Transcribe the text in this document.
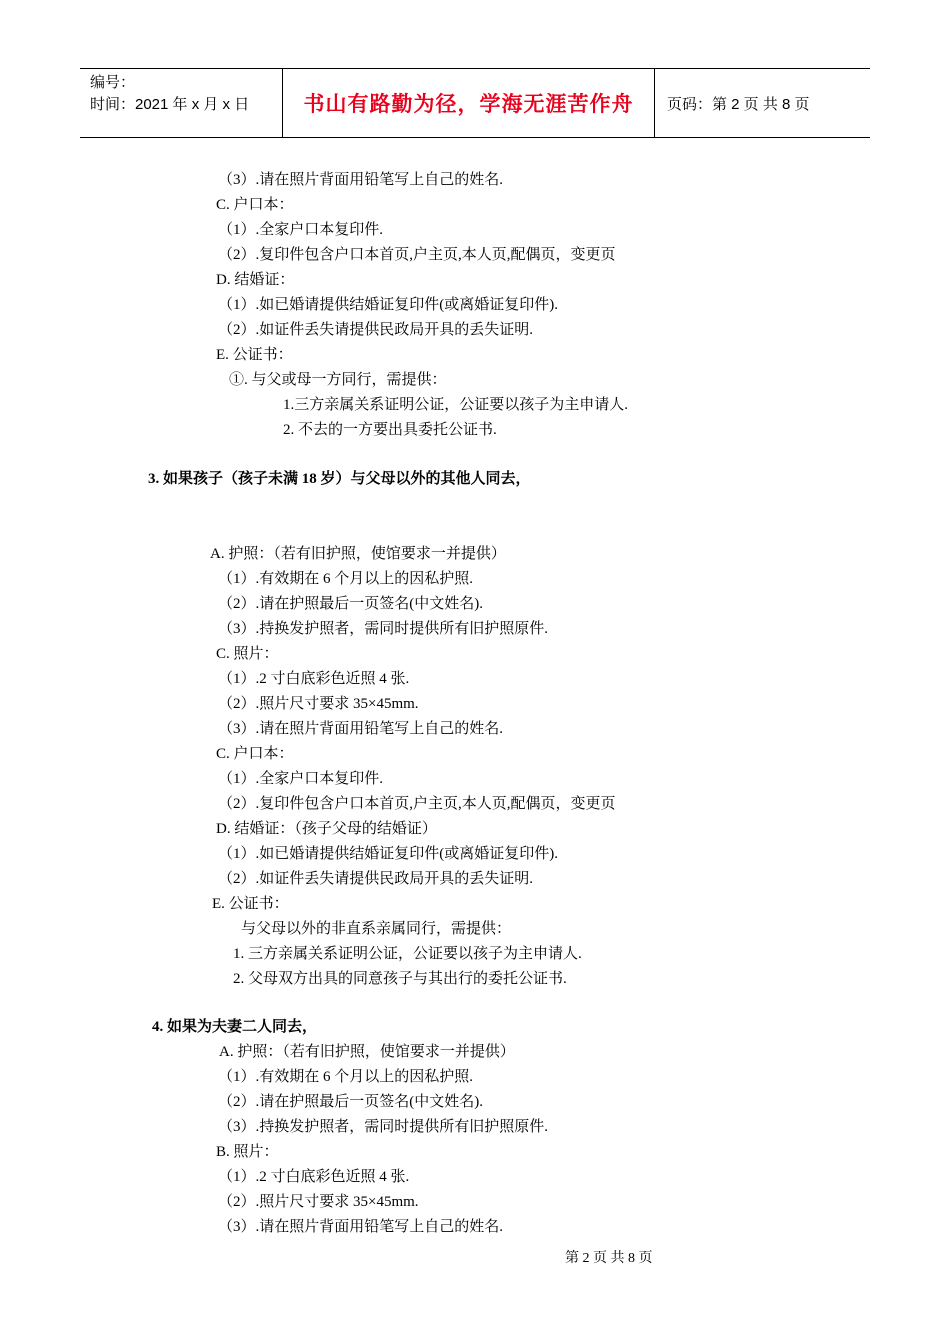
编号：
时间：2021 年 x 月 x 日	书山有路勤为径，学海无涯苦作舟	页码：第 2 页 共 8 页
（3）.请在照片背面用铅笔写上自己的姓名.
C. 户口本：
（1）.全家户口本复印件.
（2）.复印件包含户口本首页,户主页,本人页,配偶页，变更页
D. 结婚证：
（1）.如已婚请提供结婚证复印件(或离婚证复印件).
（2）.如证件丢失请提供民政局开具的丢失证明.
E. 公证书：
①. 与父或母一方同行，需提供：
1.三方亲属关系证明公证，公证要以孩子为主申请人.
2. 不去的一方要出具委托公证书.
3. 如果孩子（孩子未满 18 岁）与父母以外的其他人同去，
A. 护照：（若有旧护照，使馆要求一并提供）
（1）.有效期在 6 个月以上的因私护照.
（2）.请在护照最后一页签名(中文姓名).
（3）.持换发护照者，需同时提供所有旧护照原件.
C. 照片：
（1）.2 寸白底彩色近照 4 张.
（2）.照片尺寸要求 35×45mm.
（3）.请在照片背面用铅笔写上自己的姓名.
C. 户口本：
（1）.全家户口本复印件.
（2）.复印件包含户口本首页,户主页,本人页,配偶页，变更页
D. 结婚证：（孩子父母的结婚证）
（1）.如已婚请提供结婚证复印件(或离婚证复印件).
（2）.如证件丢失请提供民政局开具的丢失证明.
E. 公证书：
与父母以外的非直系亲属同行，需提供：
1. 三方亲属关系证明公证，公证要以孩子为主申请人.
2. 父母双方出具的同意孩子与其出行的委托公证书.
4. 如果为夫妻二人同去，
A. 护照：（若有旧护照，使馆要求一并提供）
（1）.有效期在 6 个月以上的因私护照.
（2）.请在护照最后一页签名(中文姓名).
（3）.持换发护照者，需同时提供所有旧护照原件.
B. 照片：
（1）.2 寸白底彩色近照 4 张.
（2）.照片尺寸要求 35×45mm.
（3）.请在照片背面用铅笔写上自己的姓名.
第 2 页 共 8 页
